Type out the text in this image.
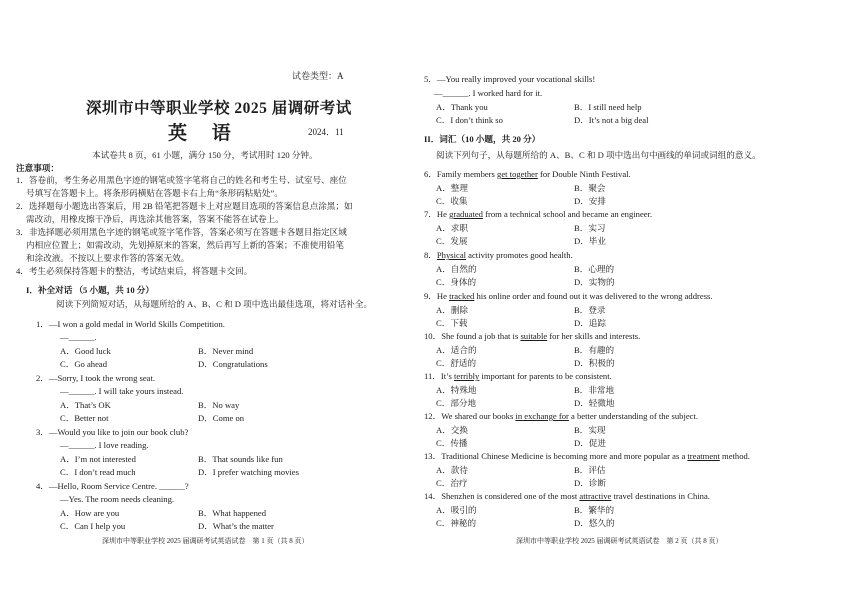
试卷类型：A
深圳市中等职业学校 2025 届调研考试
英 语	2024．11
本试卷共 8 页，61 小题，满分 150 分，考试用时 120 分钟。
注意事项：
1．答卷前，考生务必用黑色字迹的钢笔或签字笔将自己的姓名和考生号、试室号、座位
号填写在答题卡上。将条形码横贴在答题卡右上角“条形码粘贴处”。
2．选择题每小题选出答案后，用 2B 铅笔把答题卡上对应题目选项的答案信息点涂黑；如
需改动，用橡皮擦干净后，再选涂其他答案，答案不能答在试卷上。
3．非选择题必须用黑色字迹的钢笔或签字笔作答，答案必须写在答题卡各题目指定区域
内相应位置上；如需改动，先划掉原来的答案，然后再写上新的答案；不准使用铅笔
和涂改液。不按以上要求作答的答案无效。
4．考生必须保持答题卡的整洁，考试结束后，将答题卡交回。
I．补全对话 （5 小题，共 10 分）
阅读下列简短对话，从每题所给的 A、B、C 和 D 项中选出最佳选项，将对话补全。
1．—I won a gold medal in World Skills Competition.
—______.
A．Good luck	B．Never mind
C．Go ahead	D．Congratulations
2．—Sorry, I took the wrong seat.
—______. I will take yours instead.
A．That’s OK	B．No way
C．Better not	D．Come on
3．—Would you like to join our book club?
—______. I love reading.
A．I’m not interested	B．That sounds like fun
C．I don’t read much	D．I prefer watching movies
4．—Hello, Room Service Centre. ______?
—Yes. The room needs cleaning.
A．How are you	B．What happened
C．Can I help you	D．What’s the matter
深圳市中等职业学校 2025 届调研考试英语试卷　第 1 页（共 8 页）
5．—You really improved your vocational skills!
—______. I worked hard for it.
A．Thank you	B．I still need help
C．I don’t think so	D．It’s not a big deal
II．词汇（10 小题，共 20 分）
阅读下列句子，从每题所给的 A、B、C 和 D 项中选出句中画线的单词或词组的意义。
6．Family members get together for Double Ninth Festival.
A．整理	B．聚会
C．收集	D．安排
7．He graduated from a technical school and became an engineer.
A．求职	B．实习
C．发展	D．毕业
8．Physical activity promotes good health.
A．自然的	B．心理的
C．身体的	D．实物的
9．He tracked his online order and found out it was delivered to the wrong address.
A．删除	B．登录
C．下载	D．追踪
10．She found a job that is suitable for her skills and interests.
A．适合的	B．有趣的
C．舒适的	D．积极的
11．It’s terribly important for parents to be consistent.
A．特殊地	B．非常地
C．部分地	D．轻微地
12．We shared our books in exchange for a better understanding of the subject.
A．交换	B．实现
C．传播	D．促进
13．Traditional Chinese Medicine is becoming more and more popular as a treatment method.
A．款待	B．评估
C．治疗	D．诊断
14．Shenzhen is considered one of the most attractive travel destinations in China.
A．吸引的	B．繁华的
C．神秘的	D．悠久的
深圳市中等职业学校 2025 届调研考试英语试卷　第 2 页（共 8 页）
